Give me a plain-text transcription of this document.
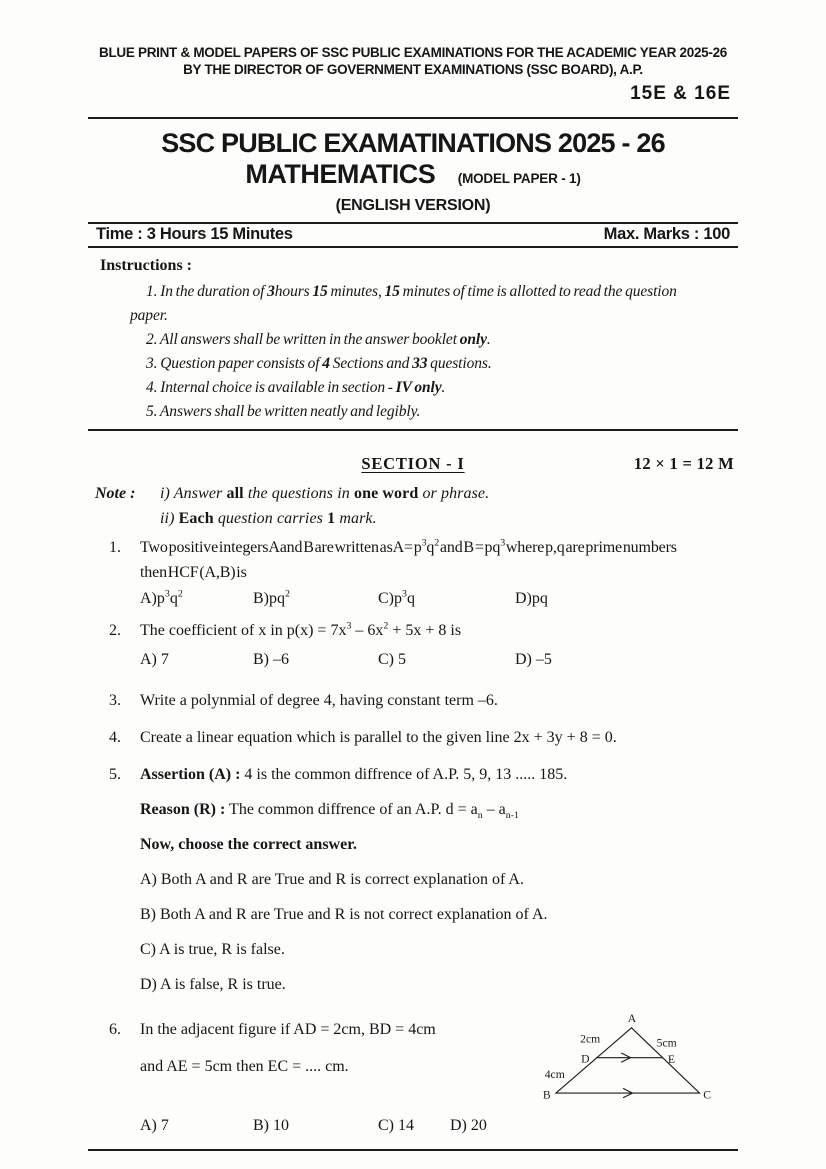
BLUE PRINT & MODEL PAPERS OF SSC PUBLIC EXAMINATIONS FOR THE ACADEMIC YEAR 2025-26
BY THE DIRECTOR OF GOVERNMENT EXAMINATIONS (SSC BOARD), A.P.
15E & 16E
SSC PUBLIC EXAMATINATIONS 2025 - 26
MATHEMATICS (MODEL PAPER - 1)
(ENGLISH VERSION)
Time : 3 Hours 15 Minutes	Max. Marks : 100
Instructions :
1. In the duration of 3hours 15 minutes, 15 minutes of time is allotted to read the question
paper.
2. All answers shall be written in the answer booklet only.
3. Question paper consists of 4 Sections and 33 questions.
4. Internal choice is available in section - IV only.
5. Answers shall be written neatly and legibly.
SECTION - I	12 × 1 = 12 M
Note : i) Answer all the questions in one word or phrase.
ii) Each question carries 1 mark.
1. Two positive integers A and B are written as $A = p^3q^2$ and $B = pq^3$ where p,q are prime numbers
then HCF (A,B) is
$A)p^3q^2$	$B)pq^2$	$C)p^3q$	D)pq
2. The coefficient of x in $p(x) = 7x^3 - 6x^2 + 5x + 8$ is
A) 7	B) –6	C) 5	D) –5
3. Write a polynmial of degree 4, having constant term –6.
4. Create a linear equation which is parallel to the given line 2x + 3y + 8 = 0.
5. Assertion (A) : 4 is the common diffrence of A.P. 5, 9, 13 ..... 185.
Reason (R) : The common diffrence of an A.P. $d = a_n - a_{n-1}$
Now, choose the correct answer.
A) Both A and R are True and R is correct explanation of A.
B) Both A and R are True and R is not correct explanation of A.
C) A is true, R is false.
D) A is false, R is true.
6. In the adjacent figure if AD = 2cm, BD = 4cm
and AE = 5cm then EC = .... cm.
A
B	C
D	E
2cm	5cm
4cm
A) 7	B) 10	C) 14	D) 20
